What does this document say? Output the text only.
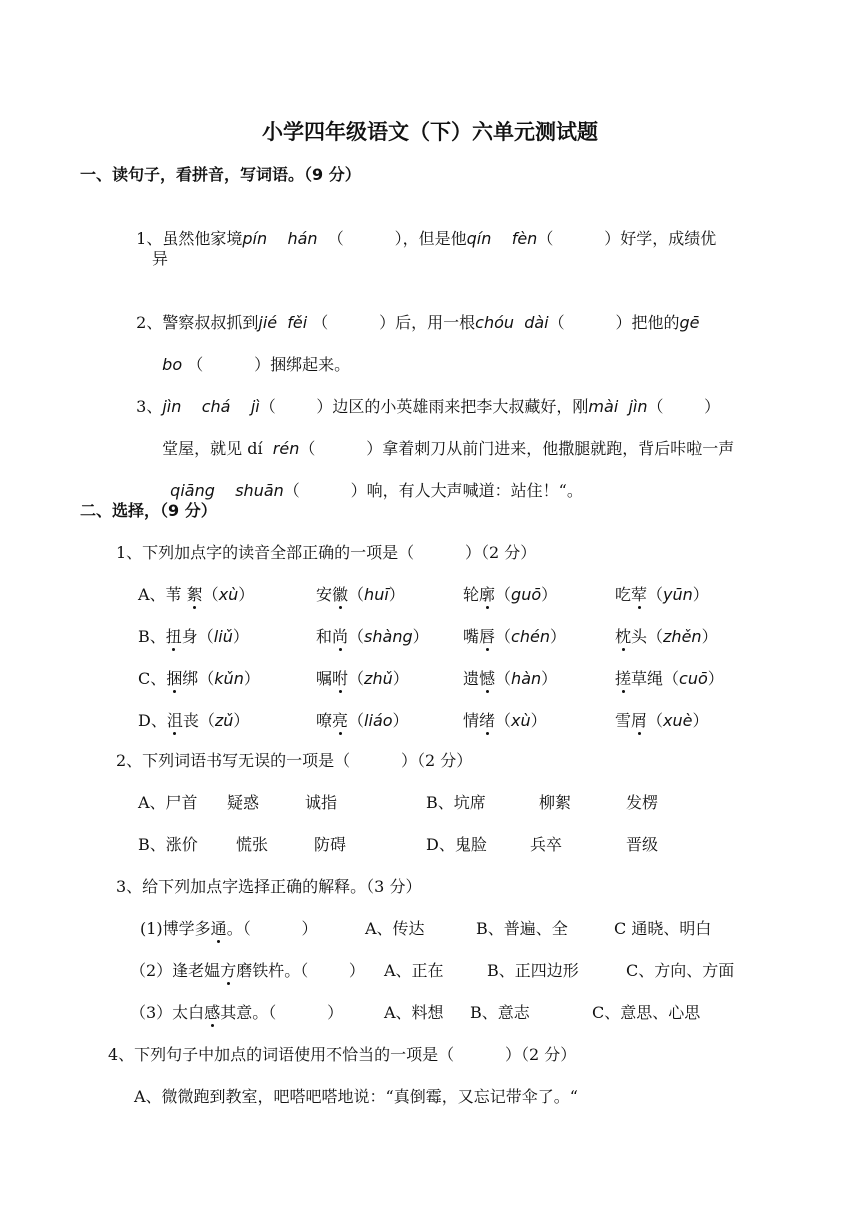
小学四年级语文（下）六单元测试题
一、读句子，看拼音，写词语。（9 分）

1、虽然他家境pín hán （          ），但是他qín fèn（          ）好学，成绩优

异

2、警察叔叔抓到jié fěi （          ）后，用一根chóu dài（          ）把他的gē

bo （          ）捆绑起来。

3、jìn chá jì（        ）边区的小英雄雨来把李大叔藏好，刚mài jìn（        ）

堂屋，就见 dí rén（          ）拿着刺刀从前门进来，他撒腿就跑，背后咔啦一声

qiāng shuān（          ）响，有人大声喊道：站住！“。

二、选择，（9 分）
1、下列加点字的读音全部正确的一项是（          ）（2 分）
A、苇 絮（xù）	安徽（huī）	轮廓（guō）	吃荤（yūn）
B、扭身（liǔ）	和尚（shàng） 嘴唇（chén）	枕头（zhěn）
C、捆绑（kǔn）	嘱咐（zhǔ）	遗憾（hàn）	搓草绳（cuō）
D、沮丧（zǔ）	嘹亮（liáo）	情绪（xù）	雪屑（xuè）
2、下列词语书写无误的一项是（          ）（2 分）
A、尸首 疑惑	诚指	B、坑席	柳絮	发楞
B、涨价 慌张	防碍	D、鬼脸	兵卒	晋级
3、给下列加点字选择正确的解释。（3 分）
(1)博学多通。（          ）	A、传达	B、普遍、全	C 通晓、明白
（2）逢老媪方磨铁杵。（        ） A、正在	B、正四边形	C、方向、方面
（3）太白感其意。（          ）	A、料想 B、意志	C、意思、心思
4、下列句子中加点的词语使用不恰当的一项是（          ）（2 分）
A、微微跑到教室，吧嗒吧嗒地说：“真倒霉，又忘记带伞了。“
